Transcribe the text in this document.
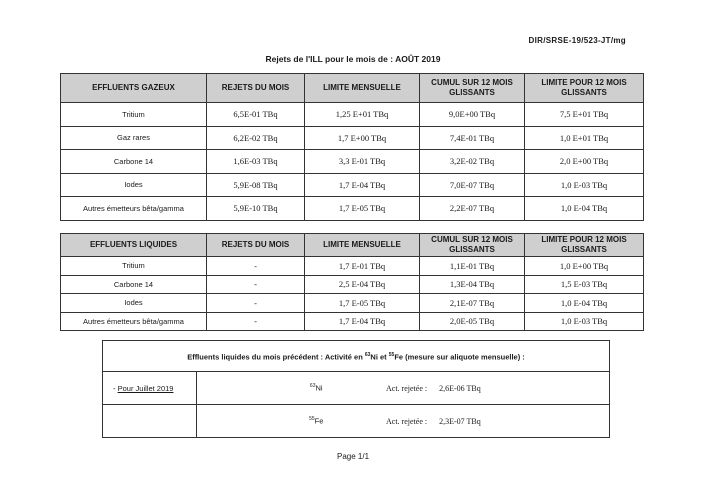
DIR/SRSE-19/523-JT/mg
Rejets de l'ILL pour le mois de : AOÛT 2019
EFFLUENTS GAZEUX	REJETS DU MOIS	LIMITE MENSUELLE	CUMUL SUR 12 MOIS GLISSANTS	LIMITE POUR 12 MOIS GLISSANTS
Tritium	6,5E-01 TBq	1,25 E+01 TBq	9,0E+00 TBq	7,5 E+01 TBq
Gaz rares	6,2E-02 TBq	1,7 E+00 TBq	7,4E-01 TBq	1,0 E+01 TBq
Carbone 14	1,6E-03 TBq	3,3 E-01 TBq	3,2E-02 TBq	2,0 E+00 TBq
Iodes	5,9E-08 TBq	1,7 E-04 TBq	7,0E-07 TBq	1,0 E-03 TBq
Autres émetteurs bêta/gamma	5,9E-10 TBq	1,7 E-05 TBq	2,2E-07 TBq	1,0 E-04 TBq
EFFLUENTS LIQUIDES	REJETS DU MOIS	LIMITE MENSUELLE	CUMUL SUR 12 MOIS GLISSANTS	LIMITE POUR 12 MOIS GLISSANTS
Tritium	-	1,7 E-01 TBq	1,1E-01 TBq	1,0 E+00 TBq
Carbone 14	-	2,5 E-04 TBq	1,3E-04 TBq	1,5 E-03 TBq
Iodes	-	1,7 E-05 TBq	2,1E-07 TBq	1,0 E-04 TBq
Autres émetteurs bêta/gamma	-	1,7 E-04 TBq	2,0E-05 TBq	1,0 E-03 TBq
Effluents liquides du mois précédent : Activité en $^{63}$Ni et $^{55}$Fe (mesure sur aliquote mensuelle) :
- Pour Juillet 2019	$^{63}$Ni	Act. rejetée : 2,6E-06 TBq
	$^{55}$Fe	Act. rejetée : 2,3E-07 TBq
Page 1/1
